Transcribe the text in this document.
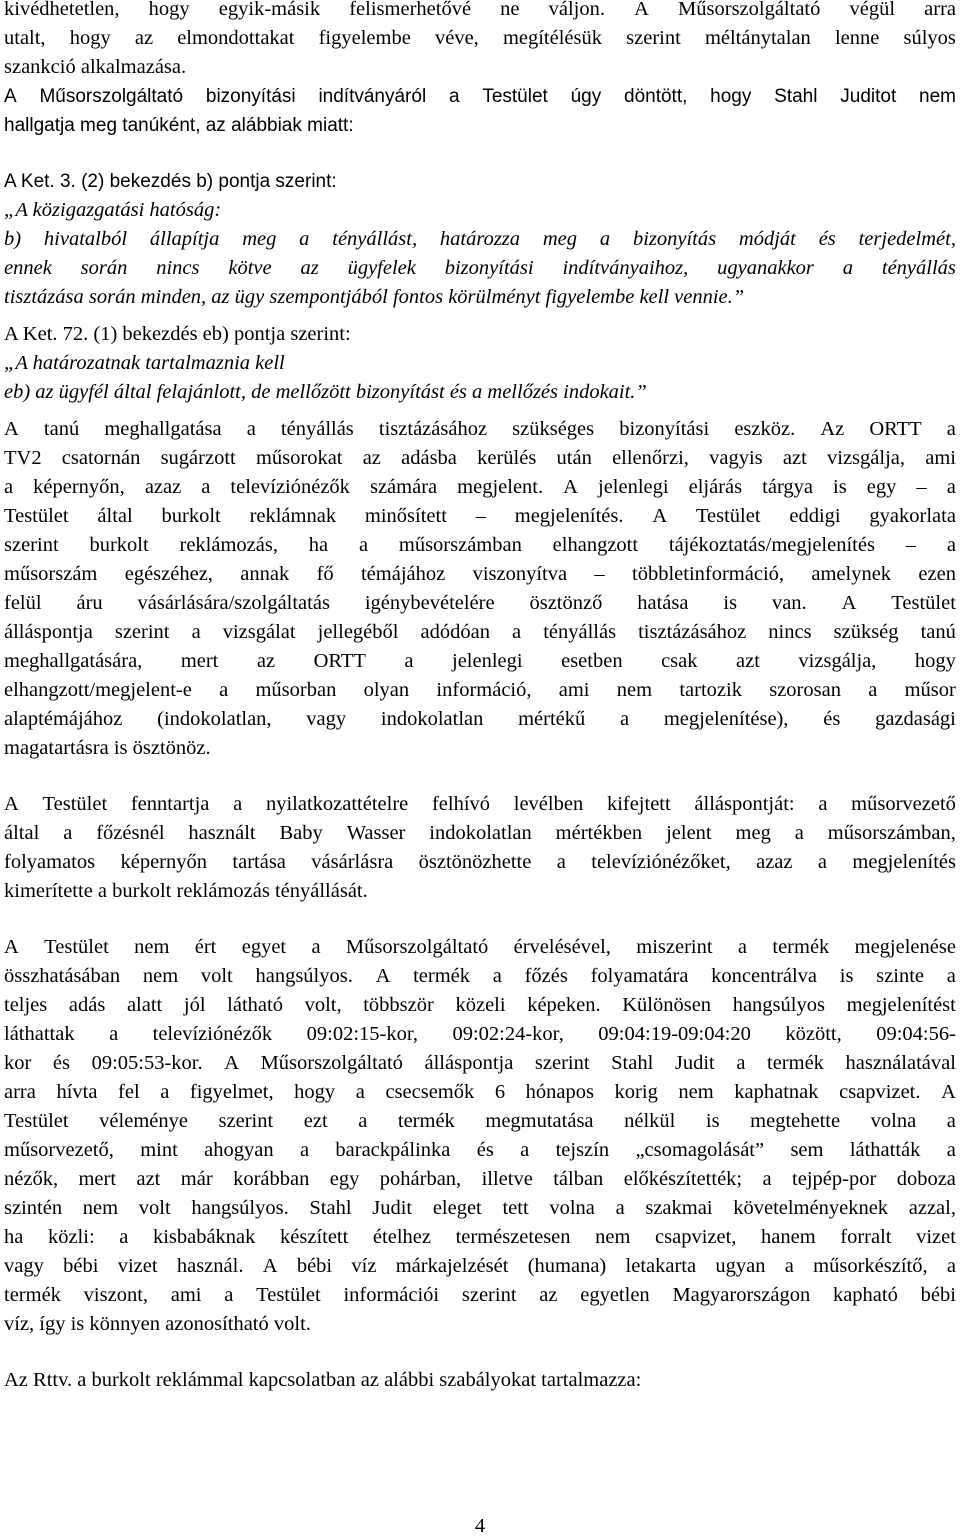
kivédhetetlen, hogy egyik-másik felismerhetővé ne váljon. A Műsorszolgáltató végül arra
utalt, hogy az elmondottakat figyelembe véve, megítélésük szerint méltánytalan lenne súlyos
szankció alkalmazása.
A Műsorszolgáltató bizonyítási indítványáról a Testület úgy döntött, hogy Stahl Juditot nem
hallgatja meg tanúként, az alábbiak miatt:
A Ket. 3. (2) bekezdés b) pontja szerint:
„A közigazgatási hatóság:
b) hivatalból állapítja meg a tényállást, határozza meg a bizonyítás módját és terjedelmét,
ennek során nincs kötve az ügyfelek bizonyítási indítványaihoz, ugyanakkor a tényállás
tisztázása során minden, az ügy szempontjából fontos körülményt figyelembe kell vennie.”
A Ket. 72. (1) bekezdés eb) pontja szerint:
„A határozatnak tartalmaznia kell
eb) az ügyfél által felajánlott, de mellőzött bizonyítást és a mellőzés indokait.”
A tanú meghallgatása a tényállás tisztázásához szükséges bizonyítási eszköz. Az ORTT a
TV2 csatornán sugárzott műsorokat az adásba kerülés után ellenőrzi, vagyis azt vizsgálja, ami
a képernyőn, azaz a televíziónézők számára megjelent. A jelenlegi eljárás tárgya is egy – a
Testület által burkolt reklámnak minősített – megjelenítés. A Testület eddigi gyakorlata
szerint burkolt reklámozás, ha a műsorszámban elhangzott tájékoztatás/megjelenítés – a
műsorszám egészéhez, annak fő témájához viszonyítva – többletinformáció, amelynek ezen
felül áru vásárlására/szolgáltatás igénybevételére ösztönző hatása is van. A Testület
álláspontja szerint a vizsgálat jellegéből adódóan a tényállás tisztázásához nincs szükség tanú
meghallgatására, mert az ORTT a jelenlegi esetben csak azt vizsgálja, hogy
elhangzott/megjelent-e a műsorban olyan információ, ami nem tartozik szorosan a műsor
alaptémájához (indokolatlan, vagy indokolatlan mértékű a megjelenítése), és gazdasági
magatartásra is ösztönöz.
A Testület fenntartja a nyilatkozattételre felhívó levélben kifejtett álláspontját: a műsorvezető
által a főzésnél használt Baby Wasser indokolatlan mértékben jelent meg a műsorszámban,
folyamatos képernyőn tartása vásárlásra ösztönözhette a televíziónézőket, azaz a megjelenítés
kimerítette a burkolt reklámozás tényállását.
A Testület nem ért egyet a Műsorszolgáltató érvelésével, miszerint a termék megjelenése
összhatásában nem volt hangsúlyos. A termék a főzés folyamatára koncentrálva is szinte a
teljes adás alatt jól látható volt, többször közeli képeken. Különösen hangsúlyos megjelenítést
láthattak a televíziónézők 09:02:15-kor, 09:02:24-kor, 09:04:19-09:04:20 között, 09:04:56-
kor és 09:05:53-kor. A Műsorszolgáltató álláspontja szerint Stahl Judit a termék használatával
arra hívta fel a figyelmet, hogy a csecsemők 6 hónapos korig nem kaphatnak csapvizet. A
Testület véleménye szerint ezt a termék megmutatása nélkül is megtehette volna a
műsorvezető, mint ahogyan a barackpálinka és a tejszín „csomagolását” sem láthatták a
nézők, mert azt már korábban egy pohárban, illetve tálban előkészítették; a tejpép-por doboza
szintén nem volt hangsúlyos. Stahl Judit eleget tett volna a szakmai követelményeknek azzal,
ha közli: a kisbabáknak készített ételhez természetesen nem csapvizet, hanem forralt vizet
vagy bébi vizet használ. A bébi víz márkajelzését (humana) letakarta ugyan a műsorkészítő, a
termék viszont, ami a Testület információi szerint az egyetlen Magyarországon kapható bébi
víz, így is könnyen azonosítható volt.
Az Rttv. a burkolt reklámmal kapcsolatban az alábbi szabályokat tartalmazza:
4
